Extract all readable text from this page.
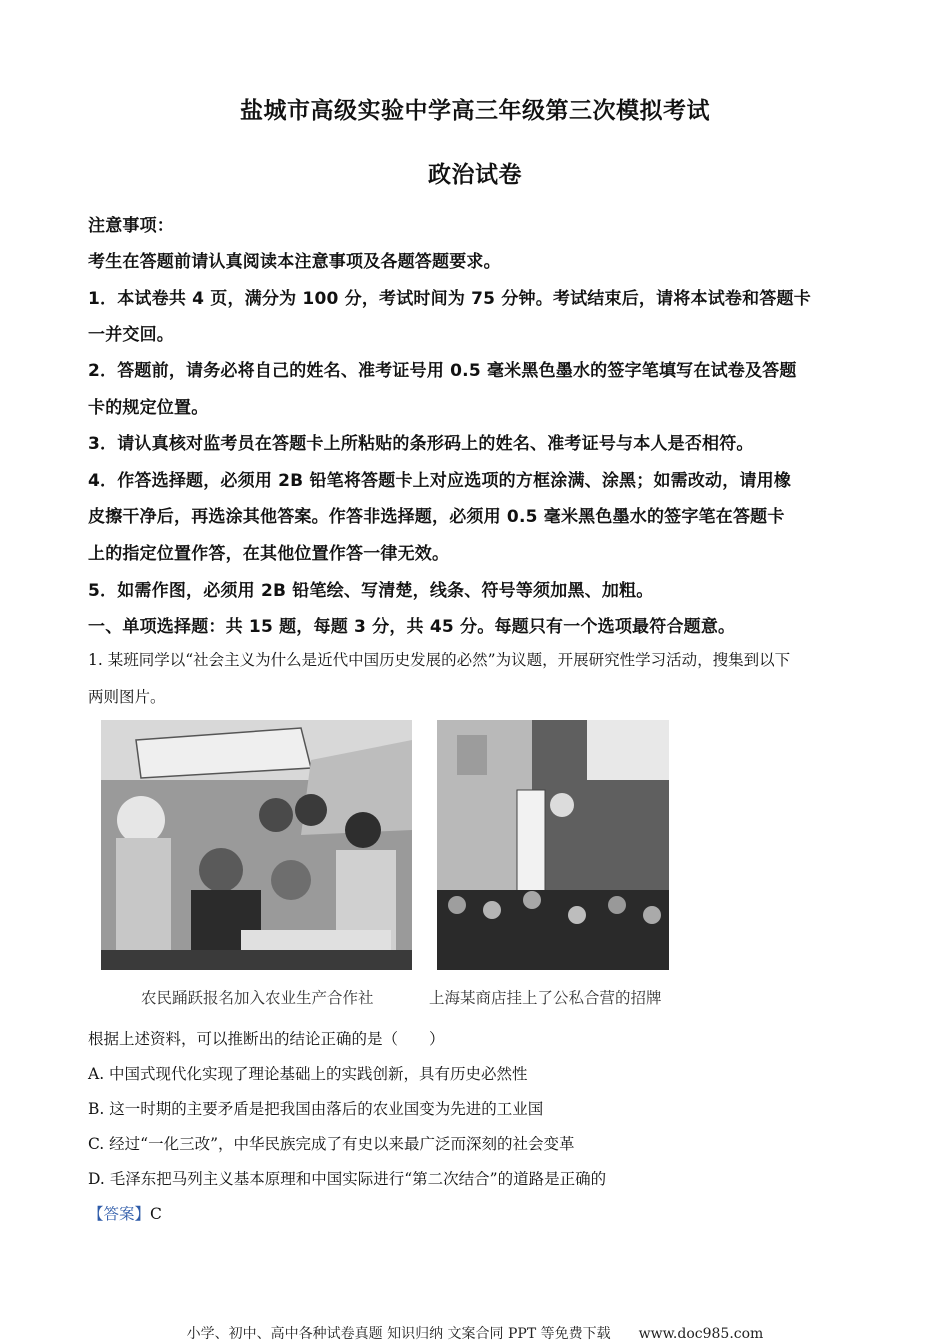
盐城市高级实验中学高三年级第三次模拟考试
政治试卷
注意事项：
考生在答题前请认真阅读本注意事项及各题答题要求。
1．本试卷共 4 页，满分为 100 分，考试时间为 75 分钟。考试结束后，请将本试卷和答题卡
一并交回。
2．答题前，请务必将自己的姓名、准考证号用 0.5 毫米黑色墨水的签字笔填写在试卷及答题
卡的规定位置。
3．请认真核对监考员在答题卡上所粘贴的条形码上的姓名、准考证号与本人是否相符。
4．作答选择题，必须用 2B 铅笔将答题卡上对应选项的方框涂满、涂黑；如需改动，请用橡
皮擦干净后，再选涂其他答案。作答非选择题，必须用 0.5 毫米黑色墨水的签字笔在答题卡
上的指定位置作答，在其他位置作答一律无效。
5．如需作图，必须用 2B 铅笔绘、写清楚，线条、符号等须加黑、加粗。
一、单项选择题：共 15 题，每题 3 分，共 45 分。每题只有一个选项最符合题意。
1. 某班同学以“社会主义为什么是近代中国历史发展的必然”为议题，开展研究性学习活动，搜集到以下
两则图片。
农民踊跃报名加入农业生产合作社	上海某商店挂上了公私合营的招牌
根据上述资料，可以推断出的结论正确的是（　　）
A. 中国式现代化实现了理论基础上的实践创新，具有历史必然性
B. 这一时期的主要矛盾是把我国由落后的农业国变为先进的工业国
C. 经过“一化三改”，中华民族完成了有史以来最广泛而深刻的社会变革
D. 毛泽东把马列主义基本原理和中国实际进行“第二次结合”的道路是正确的
【答案】C
小学、初中、高中各种试卷真题 知识归纳 文案合同 PPT 等免费下载　　www.doc985.com
